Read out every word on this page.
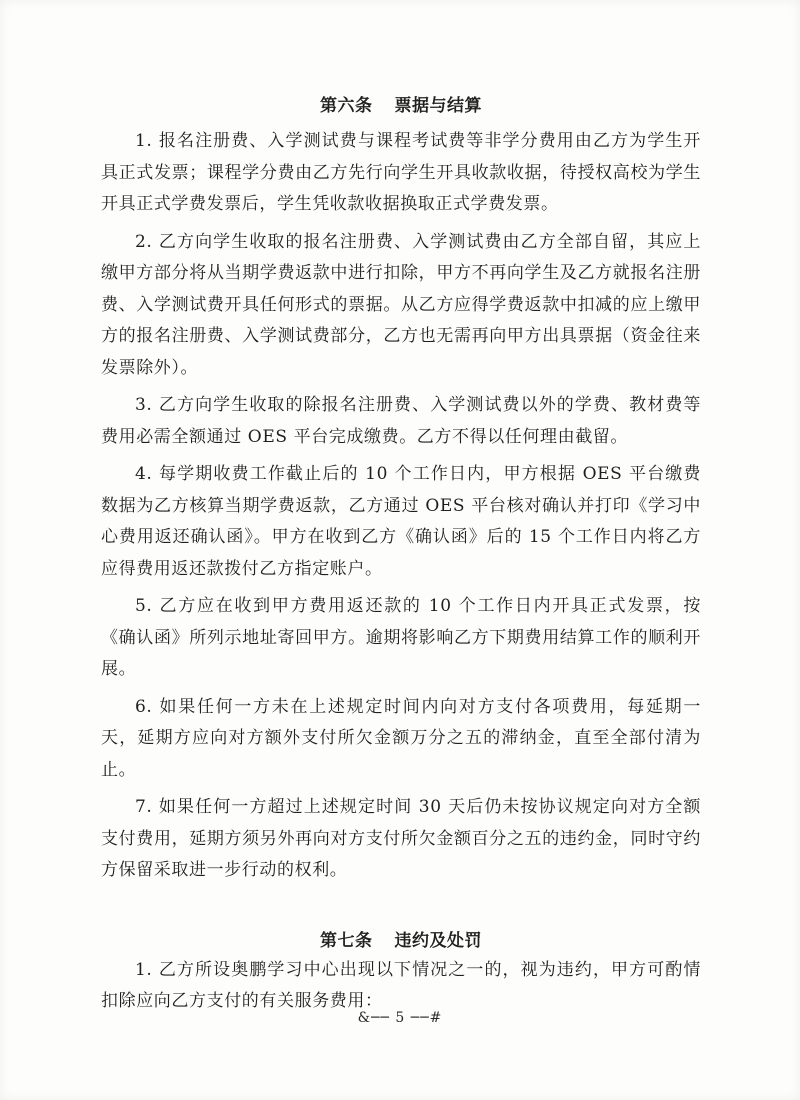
第六条 票据与结算

1. 报名注册费、入学测试费与课程考试费等非学分费用由乙方为学生开具正式发票；课程学分费由乙方先行向学生开具收款收据，待授权高校为学生开具正式学费发票后，学生凭收款收据换取正式学费发票。

2. 乙方向学生收取的报名注册费、入学测试费由乙方全部自留，其应上缴甲方部分将从当期学费返款中进行扣除，甲方不再向学生及乙方就报名注册费、入学测试费开具任何形式的票据。从乙方应得学费返款中扣减的应上缴甲方的报名注册费、入学测试费部分，乙方也无需再向甲方出具票据（资金往来发票除外）。

3. 乙方向学生收取的除报名注册费、入学测试费以外的学费、教材费等费用必需全额通过 OES 平台完成缴费。乙方不得以任何理由截留。

4. 每学期收费工作截止后的 10 个工作日内，甲方根据 OES 平台缴费数据为乙方核算当期学费返款，乙方通过 OES 平台核对确认并打印《学习中心费用返还确认函》。甲方在收到乙方《确认函》后的 15 个工作日内将乙方应得费用返还款拨付乙方指定账户。

5. 乙方应在收到甲方费用返还款的 10 个工作日内开具正式发票，按《确认函》所列示地址寄回甲方。逾期将影响乙方下期费用结算工作的顺利开展。

6. 如果任何一方未在上述规定时间内向对方支付各项费用，每延期一天，延期方应向对方额外支付所欠金额万分之五的滞纳金，直至全部付清为止。

7. 如果任何一方超过上述规定时间 30 天后仍未按协议规定向对方全额支付费用，延期方须另外再向对方支付所欠金额百分之五的违约金，同时守约方保留采取进一步行动的权利。

第七条 违约及处罚

1. 乙方所设奥鹏学习中心出现以下情况之一的，视为违约，甲方可酌情扣除应向乙方支付的有关服务费用：

&── 5 ──#
